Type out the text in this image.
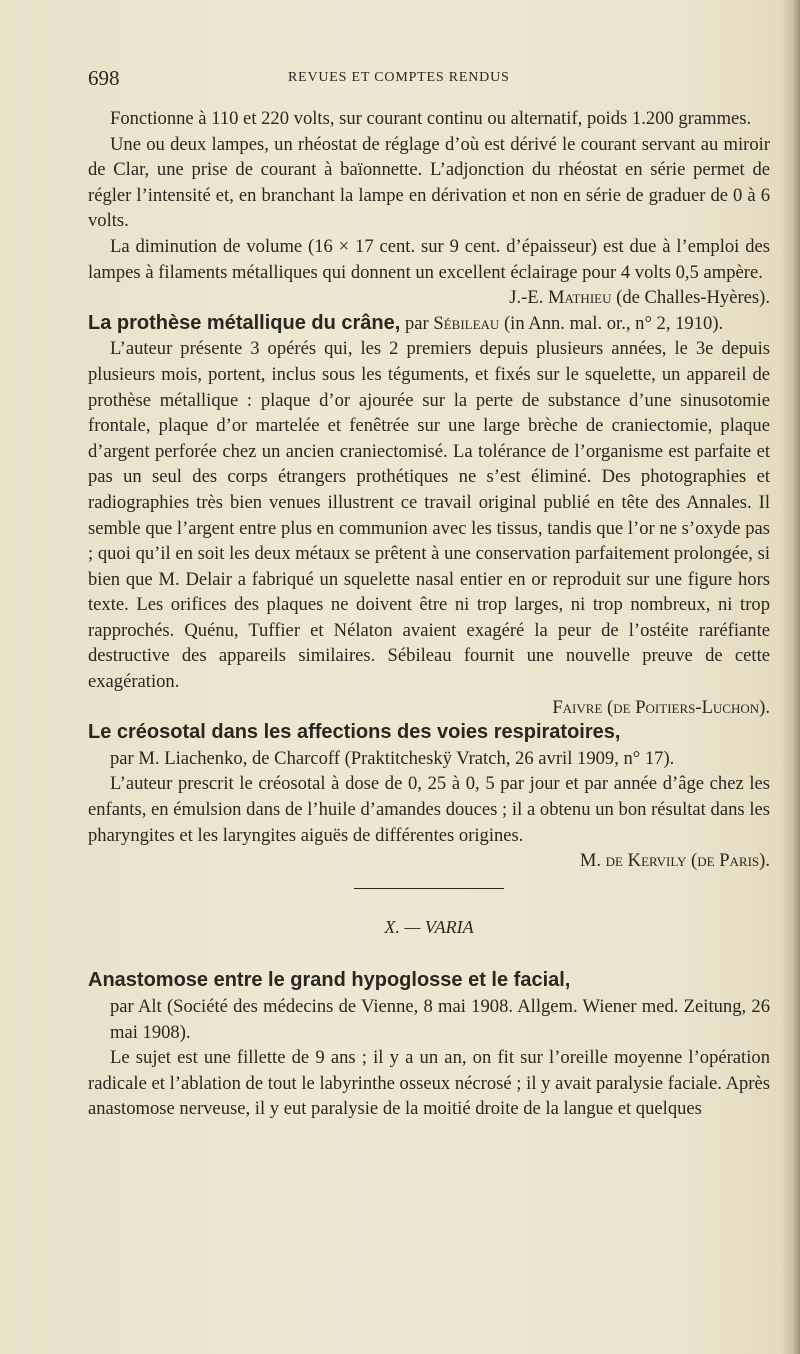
698	REVUES ET COMPTES RENDUS

Fonctionne à 110 et 220 volts, sur courant continu ou alternatif, poids 1.200 grammes.

Une ou deux lampes, un rhéostat de réglage d’où est dérivé le courant servant au miroir de Clar, une prise de courant à baïonnette. L’adjonction du rhéostat en série permet de régler l’intensité et, en branchant la lampe en dérivation et non en série de graduer de 0 à 6 volts.

La diminution de volume (16 × 17 cent. sur 9 cent. d’épaisseur) est due à l’emploi des lampes à filaments métalliques qui donnent un excellent éclairage pour 4 volts 0,5 ampère.

J.-E. Mathieu (de Challes-Hyères).

La prothèse métallique du crâne, par Sébileau (in Ann. mal. or., n° 2, 1910).

L’auteur présente 3 opérés qui, les 2 premiers depuis plusieurs années, le 3e depuis plusieurs mois, portent, inclus sous les téguments, et fixés sur le squelette, un appareil de prothèse métallique : plaque d’or ajourée sur la perte de substance d’une sinusotomie frontale, plaque d’or martelée et fenêtrée sur une large brèche de craniectomie, plaque d’argent perforée chez un ancien craniectomisé. La tolérance de l’organisme est parfaite et pas un seul des corps étrangers prothétiques ne s’est éliminé. Des photographies et radiographies très bien venues illustrent ce travail original publié en tête des Annales. Il semble que l’argent entre plus en communion avec les tissus, tandis que l’or ne s’oxyde pas ; quoi qu’il en soit les deux métaux se prêtent à une conservation parfaitement prolongée, si bien que M. Delair a fabriqué un squelette nasal entier en or reproduit sur une figure hors texte. Les orifices des plaques ne doivent être ni trop larges, ni trop nombreux, ni trop rapprochés. Quénu, Tuffier et Nélaton avaient exagéré la peur de l’ostéite raréfiante destructive des appareils similaires. Sébileau fournit une nouvelle preuve de cette exagération.

Faivre (de Poitiers-Luchon).

Le créosotal dans les affections des voies respiratoires,

par M. Liachenko, de Charcoff (Praktitcheskÿ Vratch, 26 avril 1909, n° 17).

L’auteur prescrit le créosotal à dose de 0, 25 à 0, 5 par jour et par année d’âge chez les enfants, en émulsion dans de l’huile d’amandes douces ; il a obtenu un bon résultat dans les pharyngites et les laryngites aiguës de différentes origines.

M. de Kervily (de Paris).

X. — VARIA

Anastomose entre le grand hypoglosse et le facial,

par Alt (Société des médecins de Vienne, 8 mai 1908. Allgem. Wiener med. Zeitung, 26 mai 1908).

Le sujet est une fillette de 9 ans ; il y a un an, on fit sur l’oreille moyenne l’opération radicale et l’ablation de tout le labyrinthe osseux nécrosé ; il y avait paralysie faciale. Après anastomose nerveuse, il y eut paralysie de la moitié droite de la langue et quelques
